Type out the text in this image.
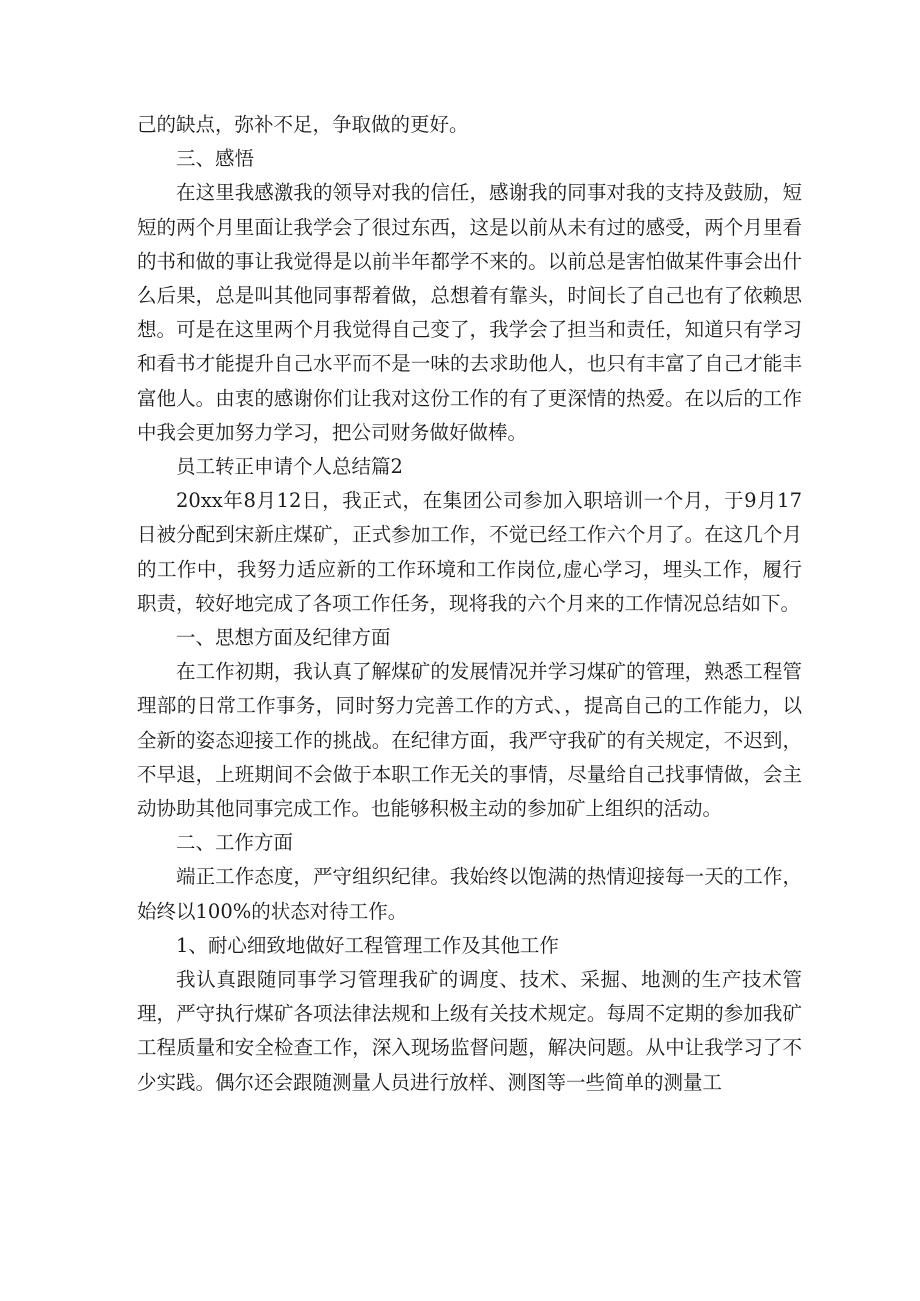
己的缺点，弥补不足，争取做的更好。

三、感悟

在这里我感激我的领导对我的信任，感谢我的同事对我的支持及鼓励，短短的两个月里面让我学会了很过东西，这是以前从未有过的感受，两个月里看的书和做的事让我觉得是以前半年都学不来的。以前总是害怕做某件事会出什么后果，总是叫其他同事帮着做，总想着有靠头，时间长了自己也有了依赖思想。可是在这里两个月我觉得自己变了，我学会了担当和责任，知道只有学习和看书才能提升自己水平而不是一味的去求助他人，也只有丰富了自己才能丰富他人。由衷的感谢你们让我对这份工作的有了更深情的热爱。在以后的工作中我会更加努力学习，把公司财务做好做棒。

员工转正申请个人总结篇2

20xx年8月12日，我正式，在集团公司参加入职培训一个月，于9月17日被分配到宋新庄煤矿，正式参加工作，不觉已经工作六个月了。在这几个月的工作中，我努力适应新的工作环境和工作岗位,虚心学习，埋头工作，履行职责，较好地完成了各项工作任务，现将我的六个月来的工作情况总结如下。

一、思想方面及纪律方面

在工作初期，我认真了解煤矿的发展情况并学习煤矿的管理，熟悉工程管理部的日常工作事务，同时努力完善工作的方式、，提高自己的工作能力，以全新的姿态迎接工作的挑战。在纪律方面，我严守我矿的有关规定，不迟到，不早退，上班期间不会做于本职工作无关的事情，尽量给自己找事情做，会主动协助其他同事完成工作。也能够积极主动的参加矿上组织的活动。

二、工作方面

端正工作态度，严守组织纪律。我始终以饱满的热情迎接每一天的工作，始终以100%的状态对待工作。

1、耐心细致地做好工程管理工作及其他工作

我认真跟随同事学习管理我矿的调度、技术、采掘、地测的生产技术管理，严守执行煤矿各项法律法规和上级有关技术规定。每周不定期的参加我矿工程质量和安全检查工作，深入现场监督问题，解决问题。从中让我学习了不少实践。偶尔还会跟随测量人员进行放样、测图等一些简单的测量工
